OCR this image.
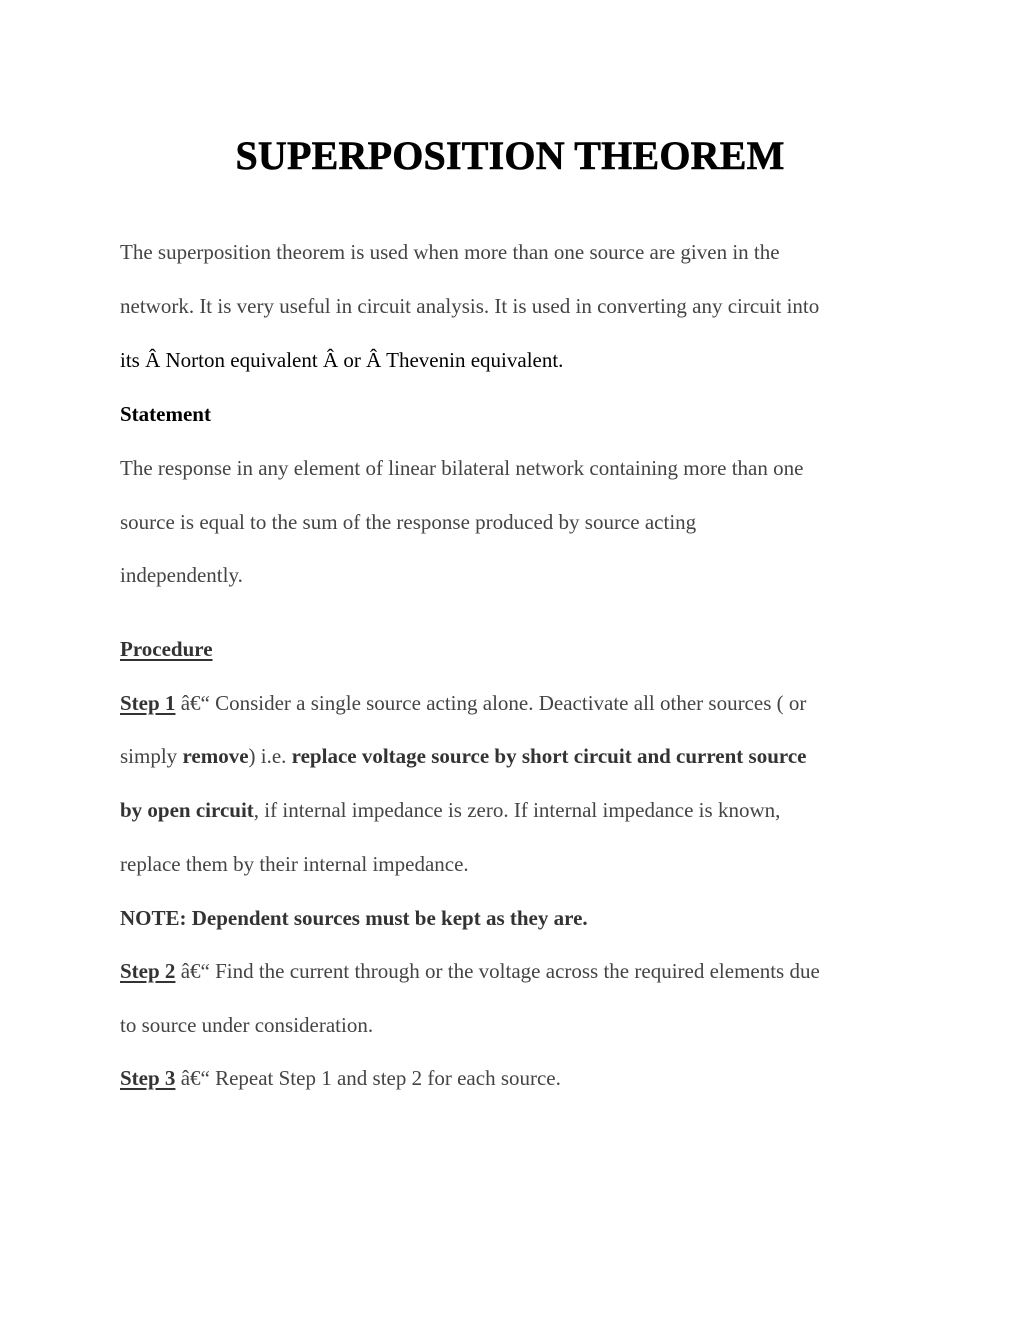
SUPERPOSITION THEOREM
The superposition theorem is used when more than one source are given in the
network. It is very useful in circuit analysis. It is used in converting any circuit into
its Â Norton equivalent Â or Â Thevenin equivalent.
Statement
The response in any element of linear bilateral network containing more than one
source is equal to the sum of the response produced by source acting
independently.
Procedure
Step 1 â€“ Consider a single source acting alone. Deactivate all other sources ( or
simply remove) i.e. replace voltage source by short circuit and current source
by open circuit, if internal impedance is zero. If internal impedance is known,
replace them by their internal impedance.
NOTE: Dependent sources must be kept as they are.
Step 2 â€“ Find the current through or the voltage across the required elements due
to source under consideration.
Step 3 â€“ Repeat Step 1 and step 2 for each source.
